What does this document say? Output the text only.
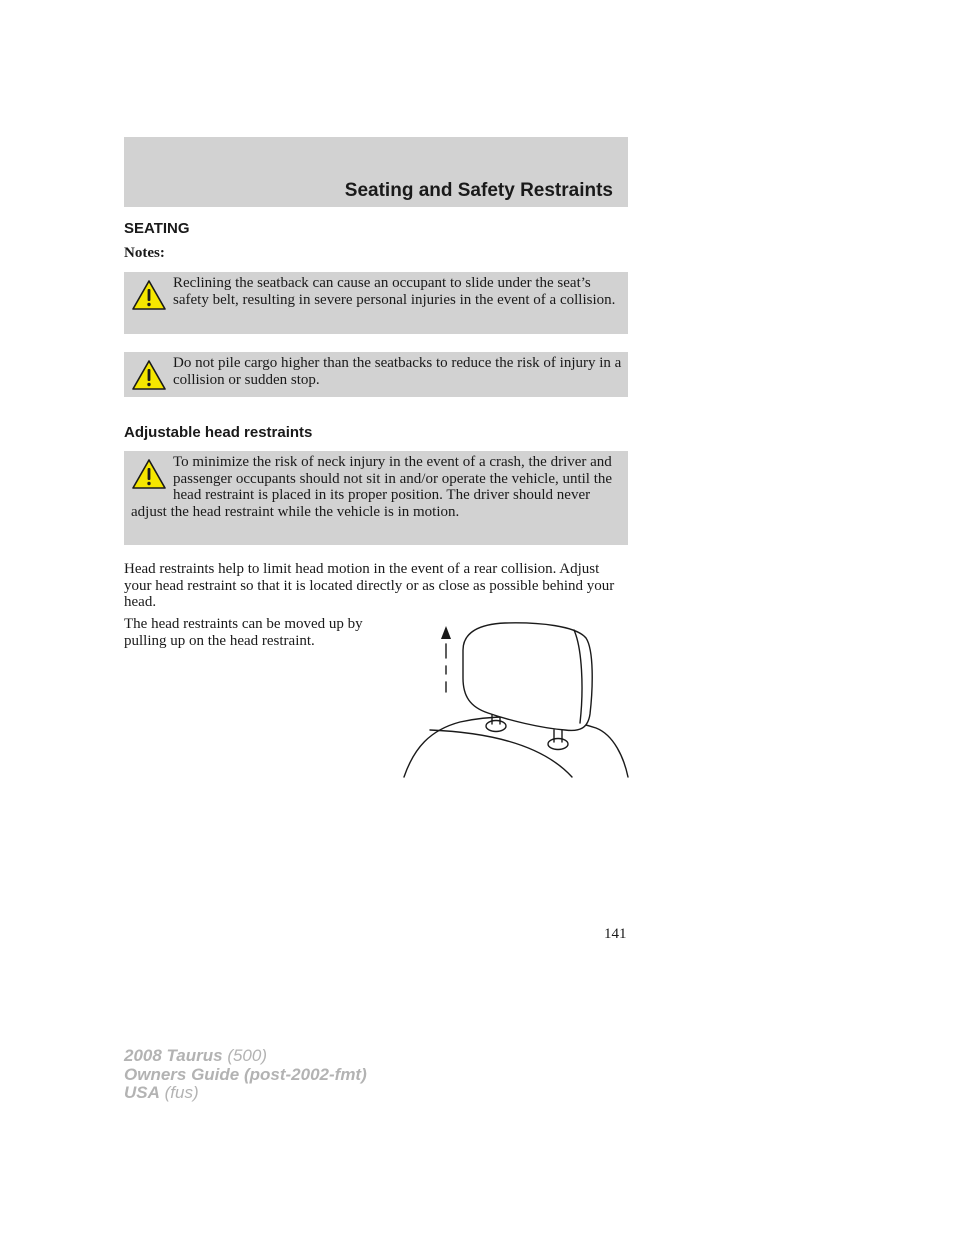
Seating and Safety Restraints
SEATING
Notes:
Reclining the seatback can cause an occupant to slide under the seat’s safety belt, resulting in severe personal injuries in the event of a collision.
Do not pile cargo higher than the seatbacks to reduce the risk of injury in a collision or sudden stop.
Adjustable head restraints
To minimize the risk of neck injury in the event of a crash, the driver and passenger occupants should not sit in and/or operate the vehicle, until the head restraint is placed in its proper position. The driver should never adjust the head restraint while the vehicle is in motion.
Head restraints help to limit head motion in the event of a rear collision. Adjust your head restraint so that it is located directly or as close as possible behind your head.
The head restraints can be moved up by pulling up on the head restraint.
141
2008 Taurus (500)
Owners Guide (post-2002-fmt)
USA (fus)
